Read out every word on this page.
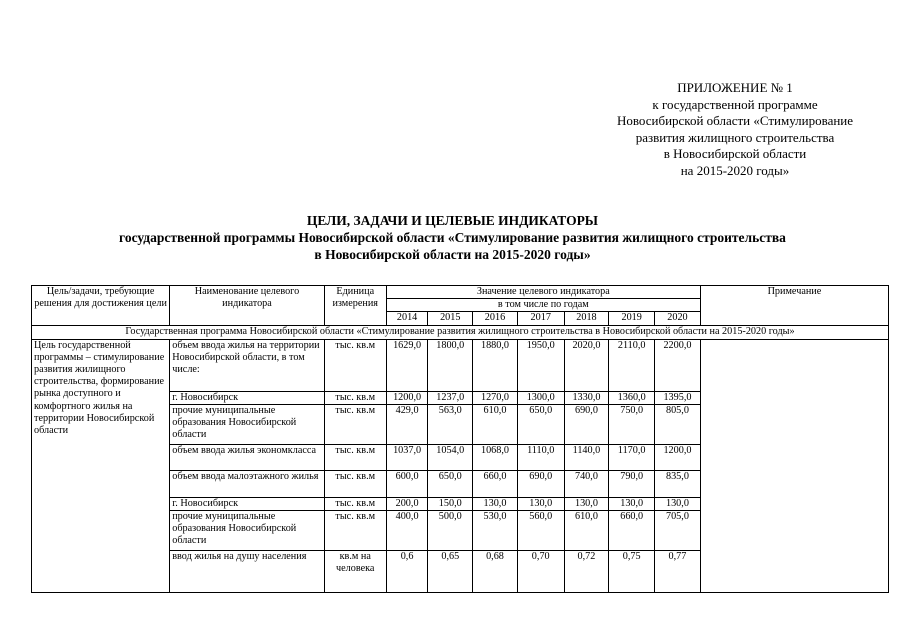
ПРИЛОЖЕНИЕ № 1
к государственной программе
Новосибирской области «Стимулирование
развития жилищного строительства
в Новосибирской области
на 2015-2020 годы»
ЦЕЛИ, ЗАДАЧИ И ЦЕЛЕВЫЕ ИНДИКАТОРЫ
государственной программы Новосибирской области «Стимулирование развития жилищного строительства
в Новосибирской области на 2015-2020 годы»
Цель/задачи, требующие решения для достижения цели	Наименование целевого индикатора	Единица измерения	Значение целевого индикатора							Примечание
			в том числе по годам							
			2014	2015	2016	2017	2018	2019	2020	
Государственная программа Новосибирской области «Стимулирование развития жилищного строительства в Новосибирской области на 2015-2020 годы»										
Цель государственной программы – стимулирование развития жилищного строительства, формирование рынка доступного и комфортного жилья на территории Новосибирской области	объем ввода жилья на территории Новосибирской области, в том числе:	тыс. кв.м	1629,0	1800,0	1880,0	1950,0	2020,0	2110,0	2200,0	
	г. Новосибирск	тыс. кв.м	1200,0	1237,0	1270,0	1300,0	1330,0	1360,0	1395,0	
	прочие муниципальные образования Новосибирской области	тыс. кв.м	429,0	563,0	610,0	650,0	690,0	750,0	805,0	
	объем ввода жилья экономкласса	тыс. кв.м	1037,0	1054,0	1068,0	1110,0	1140,0	1170,0	1200,0	
	объем ввода малоэтажного жилья	тыс. кв.м	600,0	650,0	660,0	690,0	740,0	790,0	835,0	
	г. Новосибирск	тыс. кв.м	200,0	150,0	130,0	130,0	130,0	130,0	130,0	
	прочие муниципальные образования Новосибирской области	тыс. кв.м	400,0	500,0	530,0	560,0	610,0	660,0	705,0	
	ввод жилья на душу населения	кв.м на человека	0,6	0,65	0,68	0,70	0,72	0,75	0,77	
